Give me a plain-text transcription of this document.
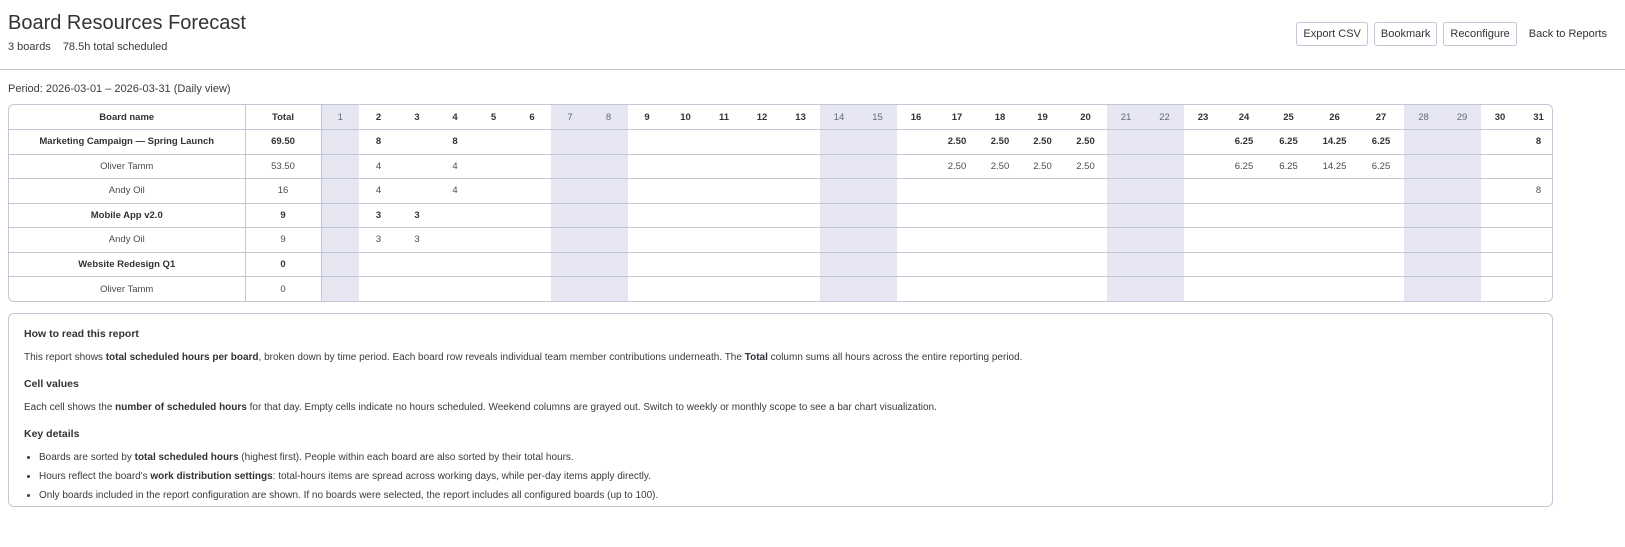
Board Resources Forecast
3 boards 78.5h total scheduled
Export CSV	Bookmark	Reconfigure	Back to Reports
Period: 2026-03-01 – 2026-03-31 (Daily view)
Board name	Total	1	2	3	4	5	6	7	8	9	10	11	12	13	14	15	16	17	18	19	20	21	22	23	24	25	26	27	28	29	30	31
Marketing Campaign — Spring Launch	69.50		8		8													2.50	2.50	2.50	2.50				6.25	6.25	14.25	6.25				8
Oliver Tamm	53.50		4		4													2.50	2.50	2.50	2.50				6.25	6.25	14.25	6.25				
Andy Oil	16		4		4																											8
Mobile App v2.0	9		3	3																												
Andy Oil	9		3	3																												
Website Redesign Q1	0																															
Oliver Tamm	0																															
How to read this report

This report shows total scheduled hours per board, broken down by time period. Each board row reveals individual team member contributions underneath. The Total column sums all hours across the entire reporting period.

Cell values

Each cell shows the number of scheduled hours for that day. Empty cells indicate no hours scheduled. Weekend columns are grayed out. Switch to weekly or monthly scope to see a bar chart visualization.

Key details
• Boards are sorted by total scheduled hours (highest first). People within each board are also sorted by their total hours.
• Hours reflect the board's work distribution settings: total-hours items are spread across working days, while per-day items apply directly.
• Only boards included in the report configuration are shown. If no boards were selected, the report includes all configured boards (up to 100).
